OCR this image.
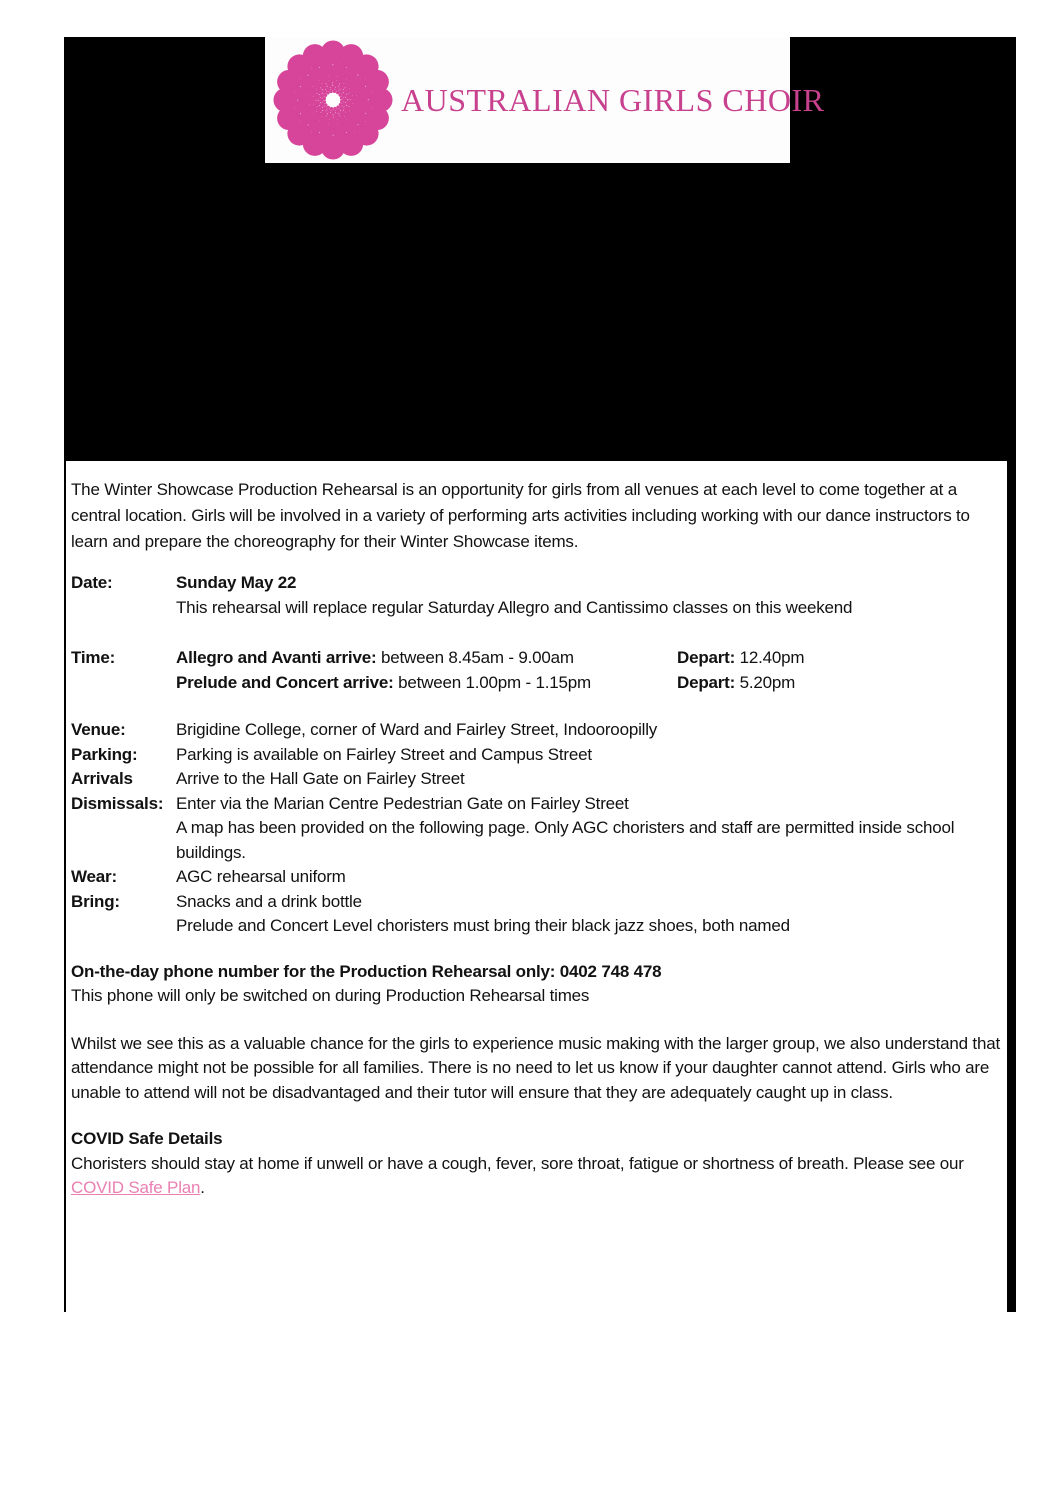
AUSTRALIAN GIRLS CHOIR

The Winter Showcase Production Rehearsal is an opportunity for girls from all venues at each level to come together at a central location. Girls will be involved in a variety of performing arts activities including working with our dance instructors to learn and prepare the choreography for their Winter Showcase items.

Date:	Sunday May 22
This rehearsal will replace regular Saturday Allegro and Cantissimo classes on this weekend
Time:	Allegro and Avanti arrive: between 8.45am - 9.00am	Depart: 12.40pm
Prelude and Concert arrive: between 1.00pm - 1.15pm	Depart: 5.20pm
Venue:	Brigidine College, corner of Ward and Fairley Street, Indooroopilly
Parking:	Parking is available on Fairley Street and Campus Street
Arrivals	Arrive to the Hall Gate on Fairley Street
Dismissals: Enter via the Marian Centre Pedestrian Gate on Fairley Street
A map has been provided on the following page. Only AGC choristers and staff are permitted inside school buildings.
Wear:	AGC rehearsal uniform
Bring:	Snacks and a drink bottle
Prelude and Concert Level choristers must bring their black jazz shoes, both named

On-the-day phone number for the Production Rehearsal only: 0402 748 478

This phone will only be switched on during Production Rehearsal times

Whilst we see this as a valuable chance for the girls to experience music making with the larger group, we also understand that attendance might not be possible for all families. There is no need to let us know if your daughter cannot attend. Girls who are unable to attend will not be disadvantaged and their tutor will ensure that they are adequately caught up in class.

COVID Safe Details
Choristers should stay at home if unwell or have a cough, fever, sore throat, fatigue or shortness of breath. Please see our COVID Safe Plan.
